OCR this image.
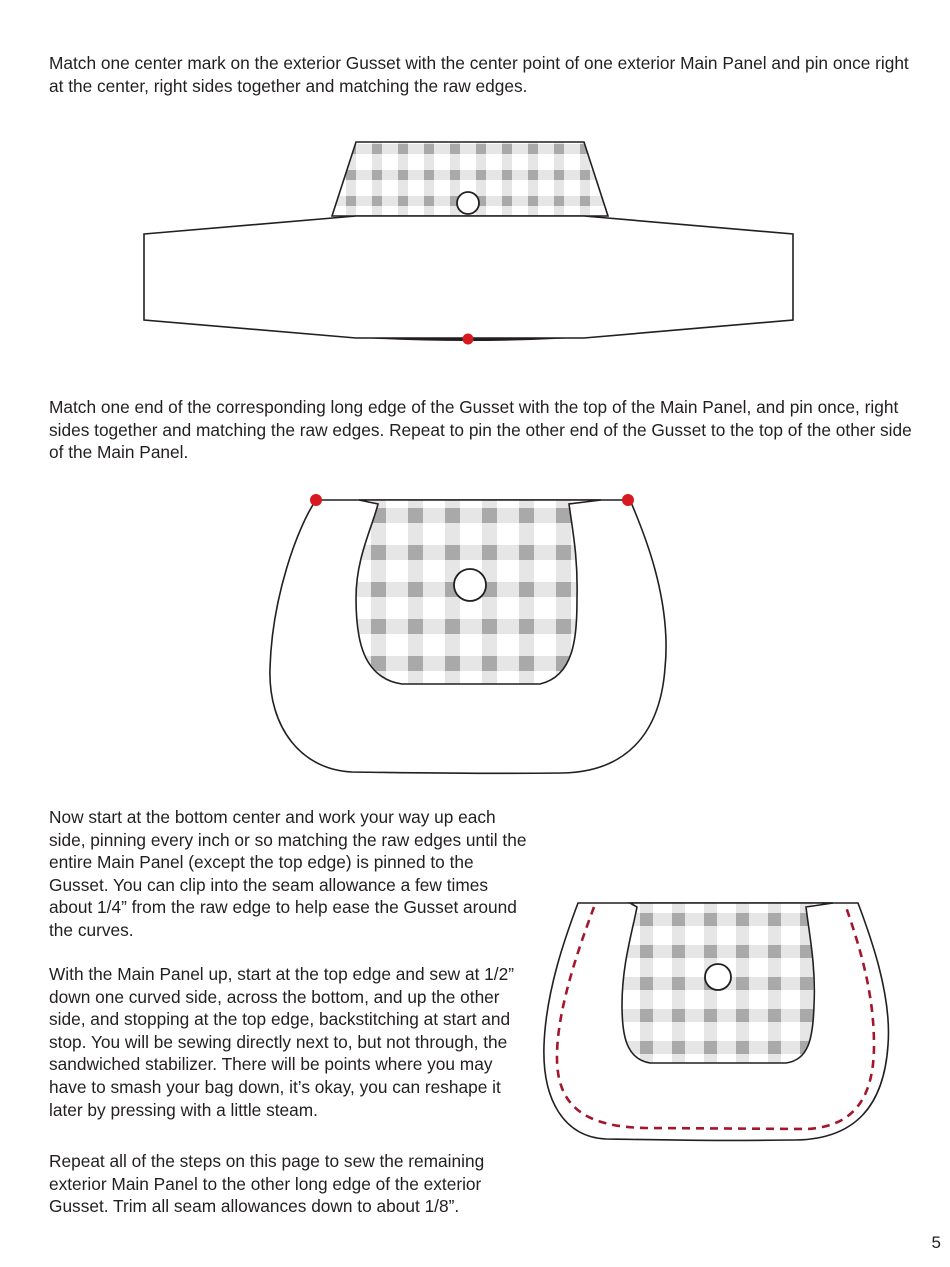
Match one center mark on the exterior Gusset with the center point of one exterior Main Panel and pin once right at the center, right sides together and matching the raw edges.

Match one end of the corresponding long edge of the Gusset with the top of the Main Panel, and pin once, right sides together and matching the raw edges. Repeat to pin the other end of the Gusset to the top of the other side of the Main Panel.

Now start at the bottom center and work your way up each side, pinning every inch or so matching the raw edges until the entire Main Panel (except the top edge) is pinned to the Gusset. You can clip into the seam allowance a few times about 1/4” from the raw edge to help ease the Gusset around the curves.

With the Main Panel up, start at the top edge and sew at 1/2” down one curved side, across the bottom, and up the other side, and stopping at the top edge, backstitching at start and stop. You will be sewing directly next to, but not through, the sandwiched stabilizer. There will be points where you may have to smash your bag down, it’s okay, you can reshape it later by pressing with a little steam.

Repeat all of the steps on this page to sew the remaining exterior Main Panel to the other long edge of the exterior Gusset. Trim all seam allowances down to about 1/8”.

5
